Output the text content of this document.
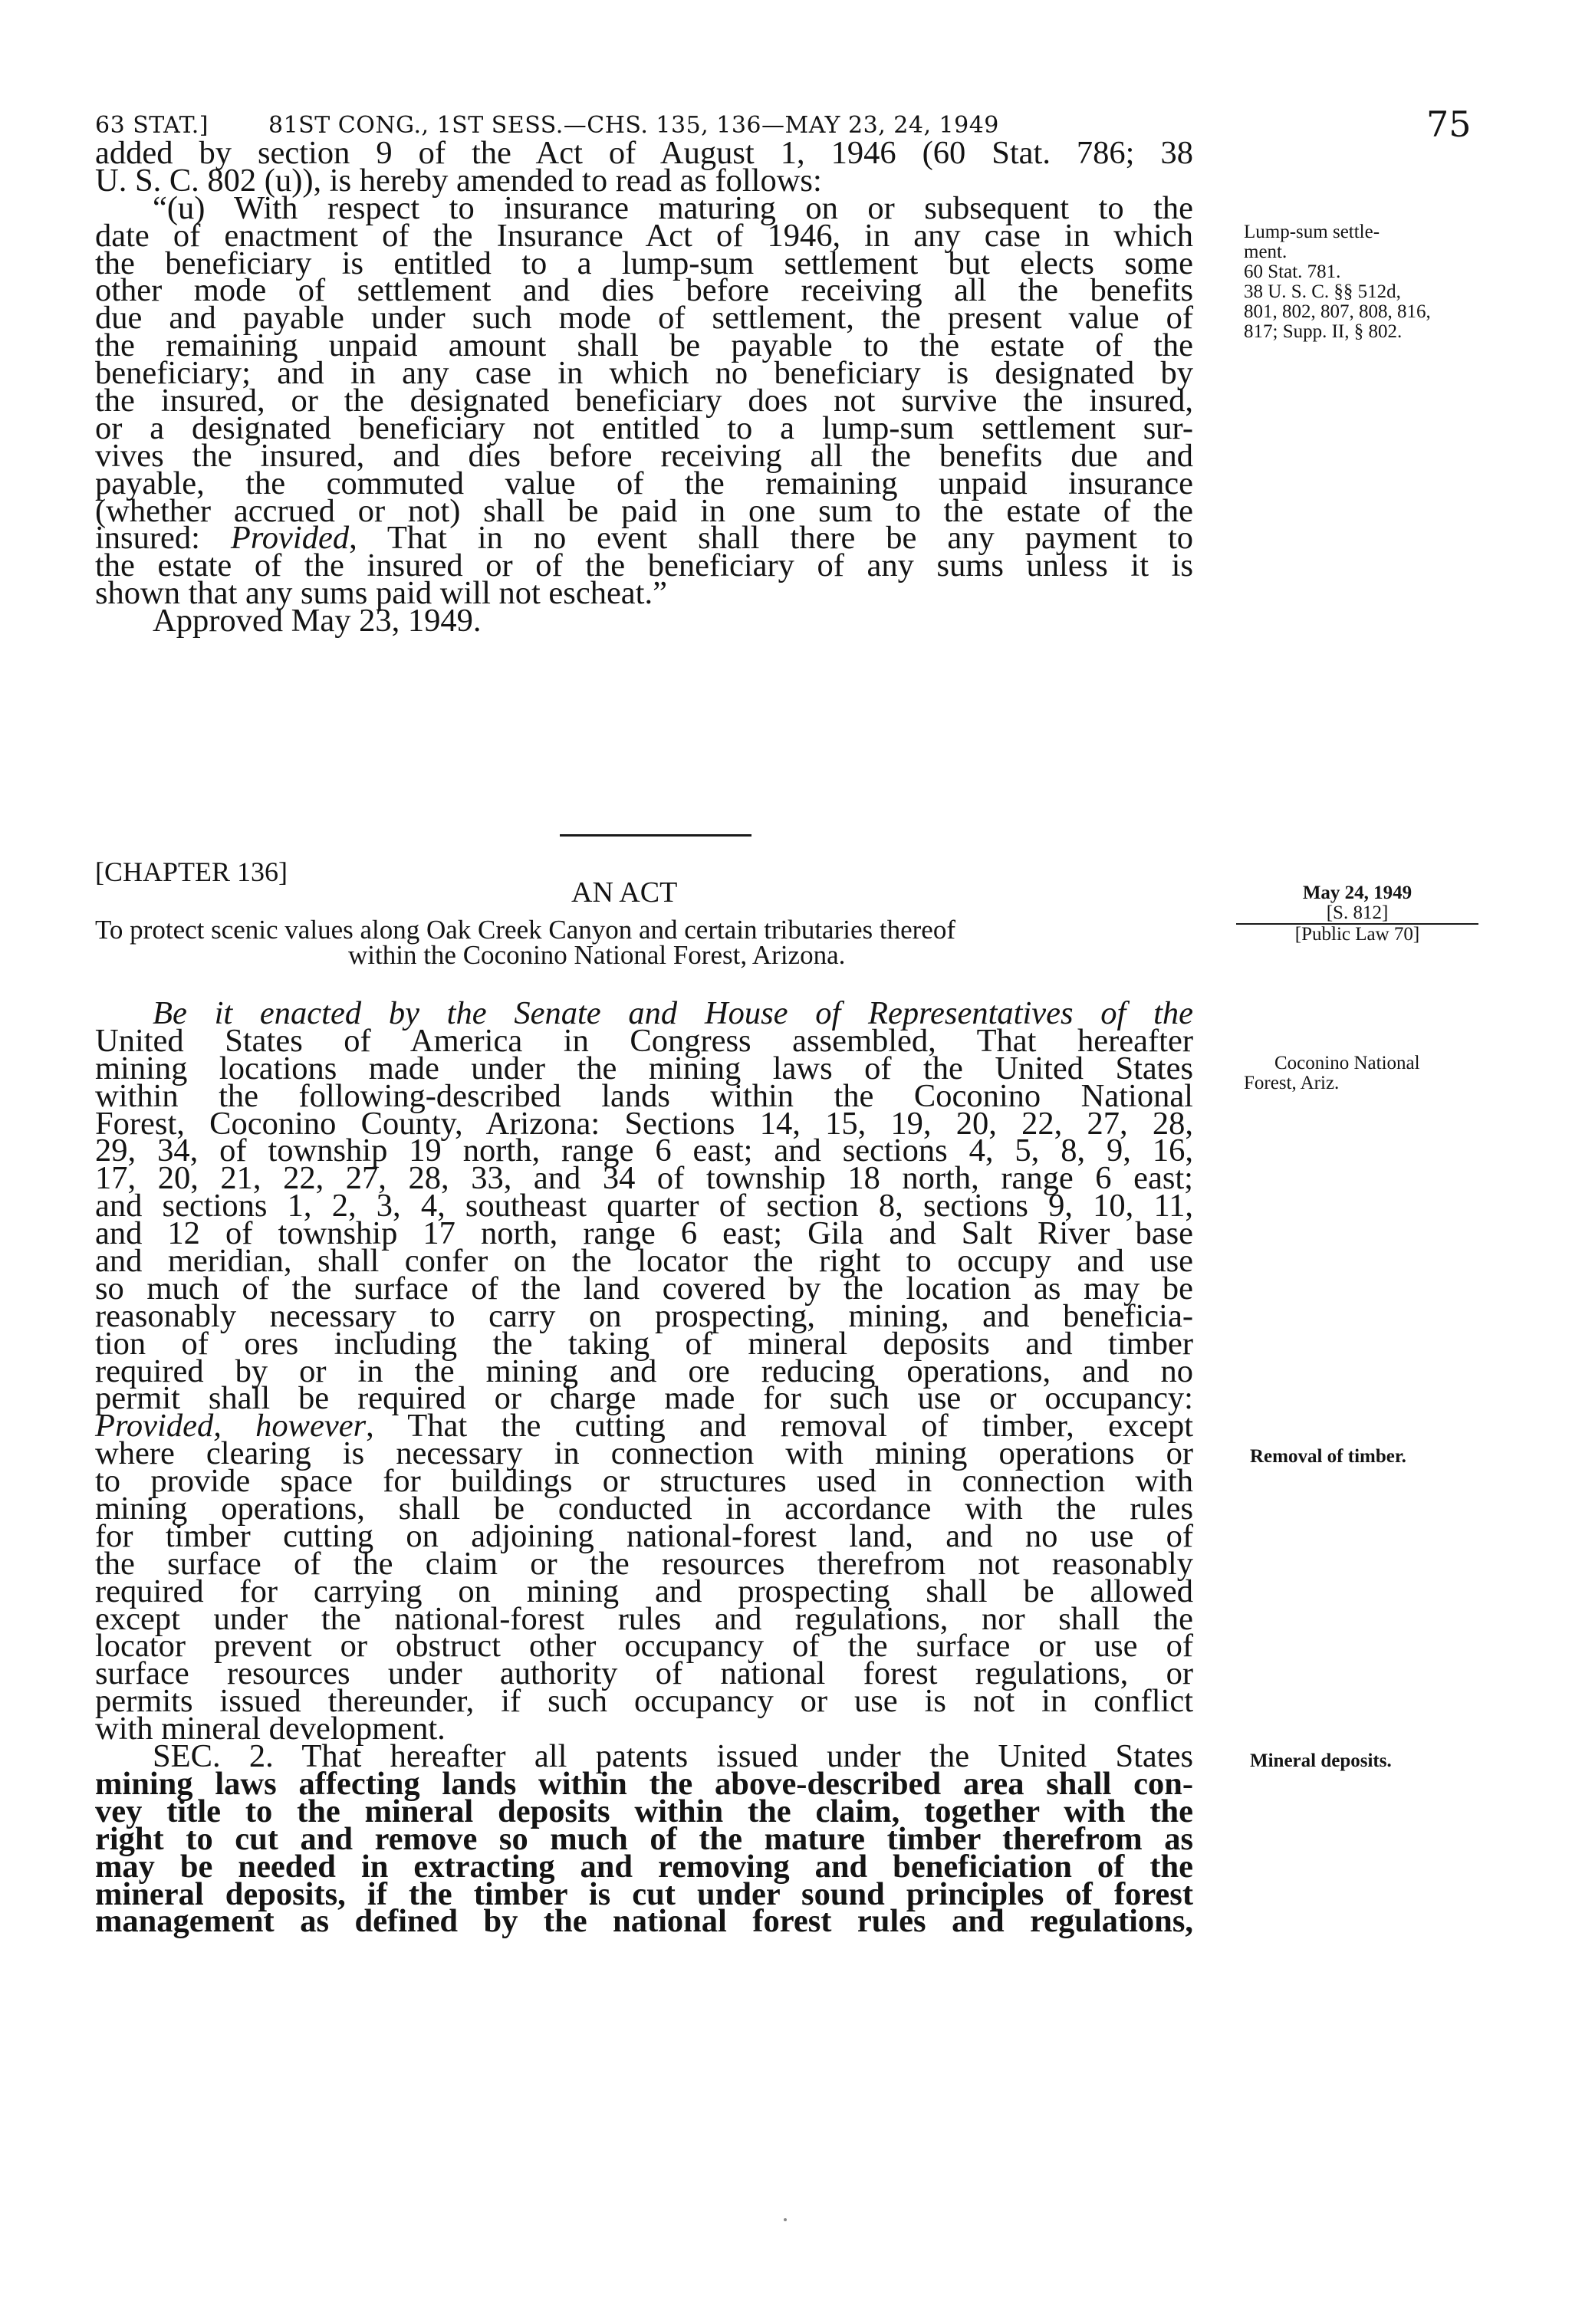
63 STAT.]	81ST CONG., 1ST SESS.—CHS. 135, 136—MAY 23, 24, 1949	75
added by section 9 of the Act of August 1, 1946 (60 Stat. 786; 38
U. S. C. 802 (u)), is hereby amended to read as follows:
“(u) With respect to insurance maturing on or subsequent to the
date of enactment of the Insurance Act of 1946, in any case in which
the beneficiary is entitled to a lump-sum settlement but elects some
other mode of settlement and dies before receiving all the benefits
due and payable under such mode of settlement, the present value of
the remaining unpaid amount shall be payable to the estate of the
beneficiary; and in any case in which no beneficiary is designated by
the insured, or the designated beneficiary does not survive the insured,
or a designated beneficiary not entitled to a lump-sum settlement sur-
vives the insured, and dies before receiving all the benefits due and
payable, the commuted value of the remaining unpaid insurance
(whether accrued or not) shall be paid in one sum to the estate of the
insured: Provided, That in no event shall there be any payment to
the estate of the insured or of the beneficiary of any sums unless it is
shown that any sums paid will not escheat.”
Approved May 23, 1949.
Lump-sum settle-
ment.
60 Stat. 781.
38 U. S. C. §§ 512d,
801, 802, 807, 808, 816,
817; Supp. II, § 802.
[CHAPTER 136]
AN ACT
To protect scenic values along Oak Creek Canyon and certain tributaries thereof
within the Coconino National Forest, Arizona.
May 24, 1949
[S. 812]
[Public Law 70]
Be it enacted by the Senate and House of Representatives of the
United States of America in Congress assembled, That hereafter
mining locations made under the mining laws of the United States
within the following-described lands within the Coconino National
Forest, Coconino County, Arizona: Sections 14, 15, 19, 20, 22, 27, 28,
29, 34, of township 19 north, range 6 east; and sections 4, 5, 8, 9, 16,
17, 20, 21, 22, 27, 28, 33, and 34 of township 18 north, range 6 east;
and sections 1, 2, 3, 4, southeast quarter of section 8, sections 9, 10, 11,
and 12 of township 17 north, range 6 east; Gila and Salt River base
and meridian, shall confer on the locator the right to occupy and use
so much of the surface of the land covered by the location as may be
reasonably necessary to carry on prospecting, mining, and beneficia-
tion of ores including the taking of mineral deposits and timber
required by or in the mining and ore reducing operations, and no
permit shall be required or charge made for such use or occupancy:
Provided, however, That the cutting and removal of timber, except
where clearing is necessary in connection with mining operations or
to provide space for buildings or structures used in connection with
mining operations, shall be conducted in accordance with the rules
for timber cutting on adjoining national-forest land, and no use of
the surface of the claim or the resources therefrom not reasonably
required for carrying on mining and prospecting shall be allowed
except under the national-forest rules and regulations, nor shall the
locator prevent or obstruct other occupancy of the surface or use of
surface resources under authority of national forest regulations, or
permits issued thereunder, if such occupancy or use is not in conflict
with mineral development.
SEC. 2. That hereafter all patents issued under the United States
mining laws affecting lands within the above-described area shall con-
vey title to the mineral deposits within the claim, together with the
right to cut and remove so much of the mature timber therefrom as
may be needed in extracting and removing and beneficiation of the
mineral deposits, if the timber is cut under sound principles of forest
management as defined by the national forest rules and regulations,
Coconino National
Forest, Ariz.
Removal of timber.
Mineral deposits.
